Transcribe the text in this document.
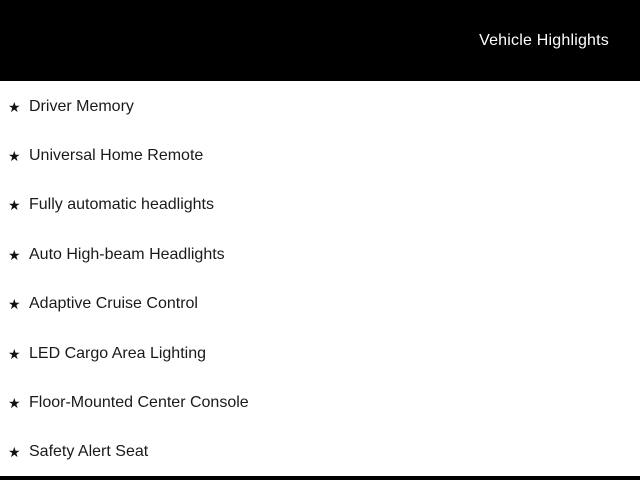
Vehicle Highlights
★ Driver Memory
★ Universal Home Remote
★ Fully automatic headlights
★ Auto High-beam Headlights
★ Adaptive Cruise Control
★ LED Cargo Area Lighting
★ Floor-Mounted Center Console
★ Safety Alert Seat
